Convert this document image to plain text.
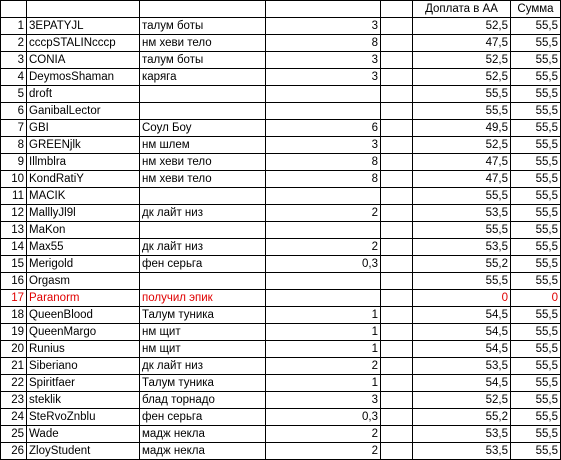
					Доплата в АА	Сумма
1	3EPATYJL	талум боты	3		52,5	55,5
2	cccpSTALINcccp	нм хеви тело	8		47,5	55,5
3	CONIA	талум боты	3		52,5	55,5
4	DeymosShaman	каряга	3		52,5	55,5
5	droft				55,5	55,5
6	GanibalLector				55,5	55,5
7	GBI	Соул Боу	6		49,5	55,5
8	GREENjlk	нм шлем	3		52,5	55,5
9	Illmblra	нм хеви тело	8		47,5	55,5
10	KondRatiY	нм хеви тело	8		47,5	55,5
11	MACIK				55,5	55,5
12	MalllyJl9l	дк лайт низ	2		53,5	55,5
13	MaKon				55,5	55,5
14	Max55	дк лайт низ	2		53,5	55,5
15	Merigold	фен серьга	0,3		55,2	55,5
16	Orgasm				55,5	55,5
17	Paranorm	получил эпик			0	0
18	QueenBlood	Талум туника	1		54,5	55,5
19	QueenMargo	нм щит	1		54,5	55,5
20	Runius	нм щит	1		54,5	55,5
21	Siberiano	дк лайт низ	2		53,5	55,5
22	Spiritfaer	Талум туника	1		54,5	55,5
23	steklik	блад торнадо	3		52,5	55,5
24	SteRvoZnblu	фен серьга	0,3		55,2	55,5
25	Wade	мадж некла	2		53,5	55,5
26	ZloyStudent	мадж некла	2		53,5	55,5
